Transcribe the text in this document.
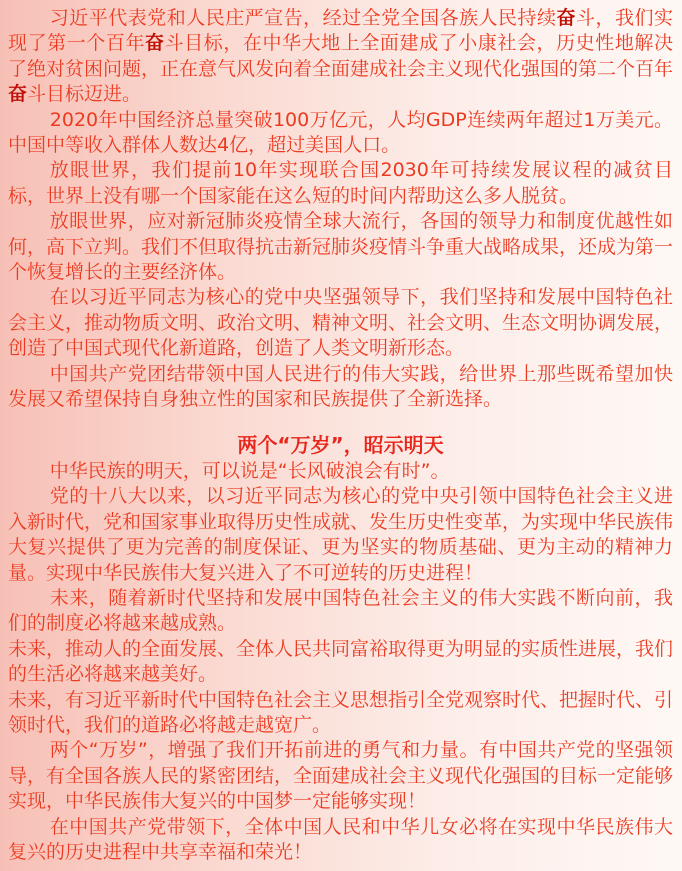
习近平代表党和人民庄严宣告，经过全党全国各族人民持续奋斗，我们实现了第一个百年奋斗目标，在中华大地上全面建成了小康社会，历史性地解决了绝对贫困问题，正在意气风发向着全面建成社会主义现代化强国的第二个百年奋斗目标迈进。

2020年中国经济总量突破100万亿元，人均GDP连续两年超过1万美元。中国中等收入群体人数达4亿，超过美国人口。

放眼世界，我们提前10年实现联合国2030年可持续发展议程的减贫目标，世界上没有哪一个国家能在这么短的时间内帮助这么多人脱贫。

放眼世界，应对新冠肺炎疫情全球大流行，各国的领导力和制度优越性如何，高下立判。我们不但取得抗击新冠肺炎疫情斗争重大战略成果，还成为第一个恢复增长的主要经济体。

在以习近平同志为核心的党中央坚强领导下，我们坚持和发展中国特色社会主义，推动物质文明、政治文明、精神文明、社会文明、生态文明协调发展，创造了中国式现代化新道路，创造了人类文明新形态。

中国共产党团结带领中国人民进行的伟大实践，给世界上那些既希望加快发展又希望保持自身独立性的国家和民族提供了全新选择。

两个“万岁”，昭示明天

中华民族的明天，可以说是“长风破浪会有时”。

党的十八大以来，以习近平同志为核心的党中央引领中国特色社会主义进入新时代，党和国家事业取得历史性成就、发生历史性变革，为实现中华民族伟大复兴提供了更为完善的制度保证、更为坚实的物质基础、更为主动的精神力量。实现中华民族伟大复兴进入了不可逆转的历史进程！

未来，随着新时代坚持和发展中国特色社会主义的伟大实践不断向前，我们的制度必将越来越成熟。

未来，推动人的全面发展、全体人民共同富裕取得更为明显的实质性进展，我们的生活必将越来越美好。

未来，有习近平新时代中国特色社会主义思想指引全党观察时代、把握时代、引领时代，我们的道路必将越走越宽广。

两个“万岁”，增强了我们开拓前进的勇气和力量。有中国共产党的坚强领导，有全国各族人民的紧密团结，全面建成社会主义现代化强国的目标一定能够实现，中华民族伟大复兴的中国梦一定能够实现！

在中国共产党带领下，全体中国人民和中华儿女必将在实现中华民族伟大复兴的历史进程中共享幸福和荣光！
